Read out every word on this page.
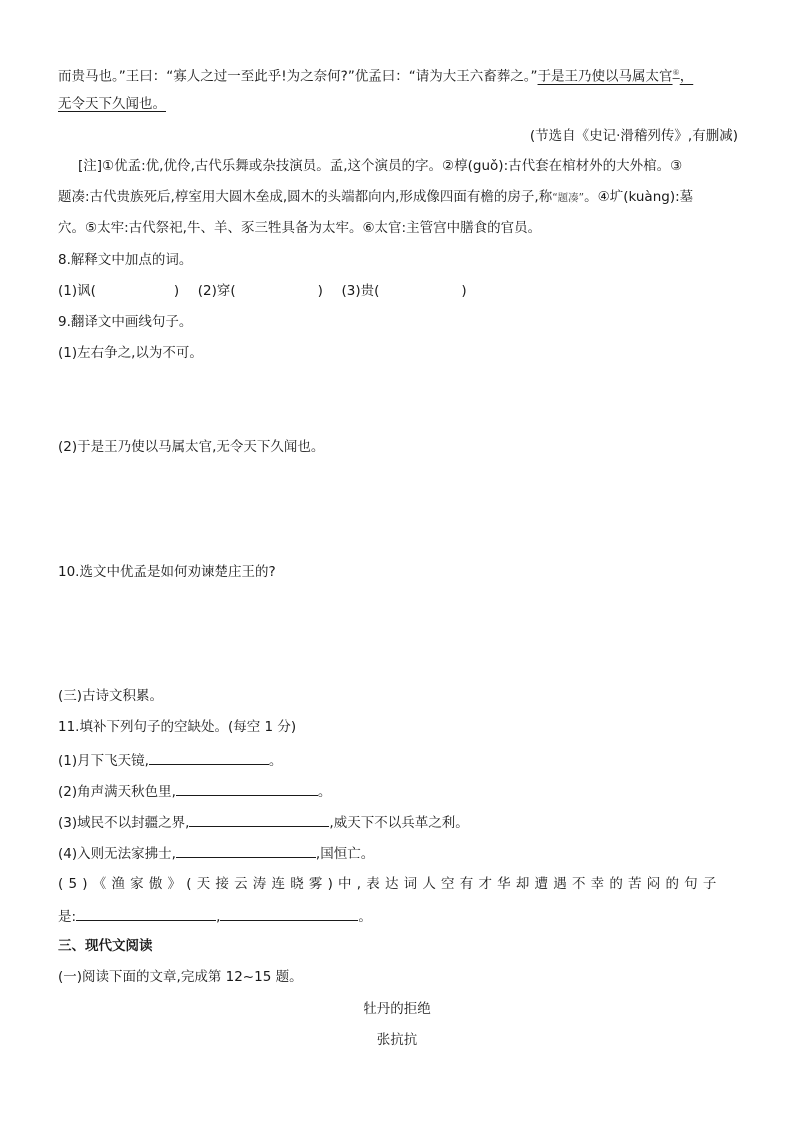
而贵马也。”王曰：“寡人之过一至此乎!为之奈何?”优孟曰：“请为大王六畜葬之。”于是王乃使以马属太官⑥，
无令天下久闻也。
(节选自《史记·滑稽列传》,有删减)
[注]①优孟:优,优伶,古代乐舞或杂技演员。孟,这个演员的字。②椁(guǒ):古代套在棺材外的大外棺。③
题凑:古代贵族死后,椁室用大圆木垒成,圆木的头端都向内,形成像四面有檐的房子,称“题凑”。④圹(kuàng):墓
穴。⑤太牢:古代祭祀,牛、羊、豕三牲具备为太牢。⑥太官:主管宫中膳食的官员。
8.解释文中加点的词。
(1)讽(	) (2)穿(	) (3)贵(	)
9.翻译文中画线句子。
(1)左右争之,以为不可。
(2)于是王乃使以马属太官,无令天下久闻也。
10.选文中优孟是如何劝谏楚庄王的?
(三)古诗文积累。
11.填补下列句子的空缺处。(每空 1 分)
(1)月下飞天镜,	。
(2)角声满天秋色里,	。
(3)域民不以封疆之界,	,威天下不以兵革之利。
(4)入则无法家拂士,	,国恒亡。
(5)《渔家傲》(天接云涛连晓雾)中,表达词人空有才华却遭遇不幸的苦闷的句子
是:	,	。
三、现代文阅读
(一)阅读下面的文章,完成第 12~15 题。
牡丹的拒绝
张抗抗
